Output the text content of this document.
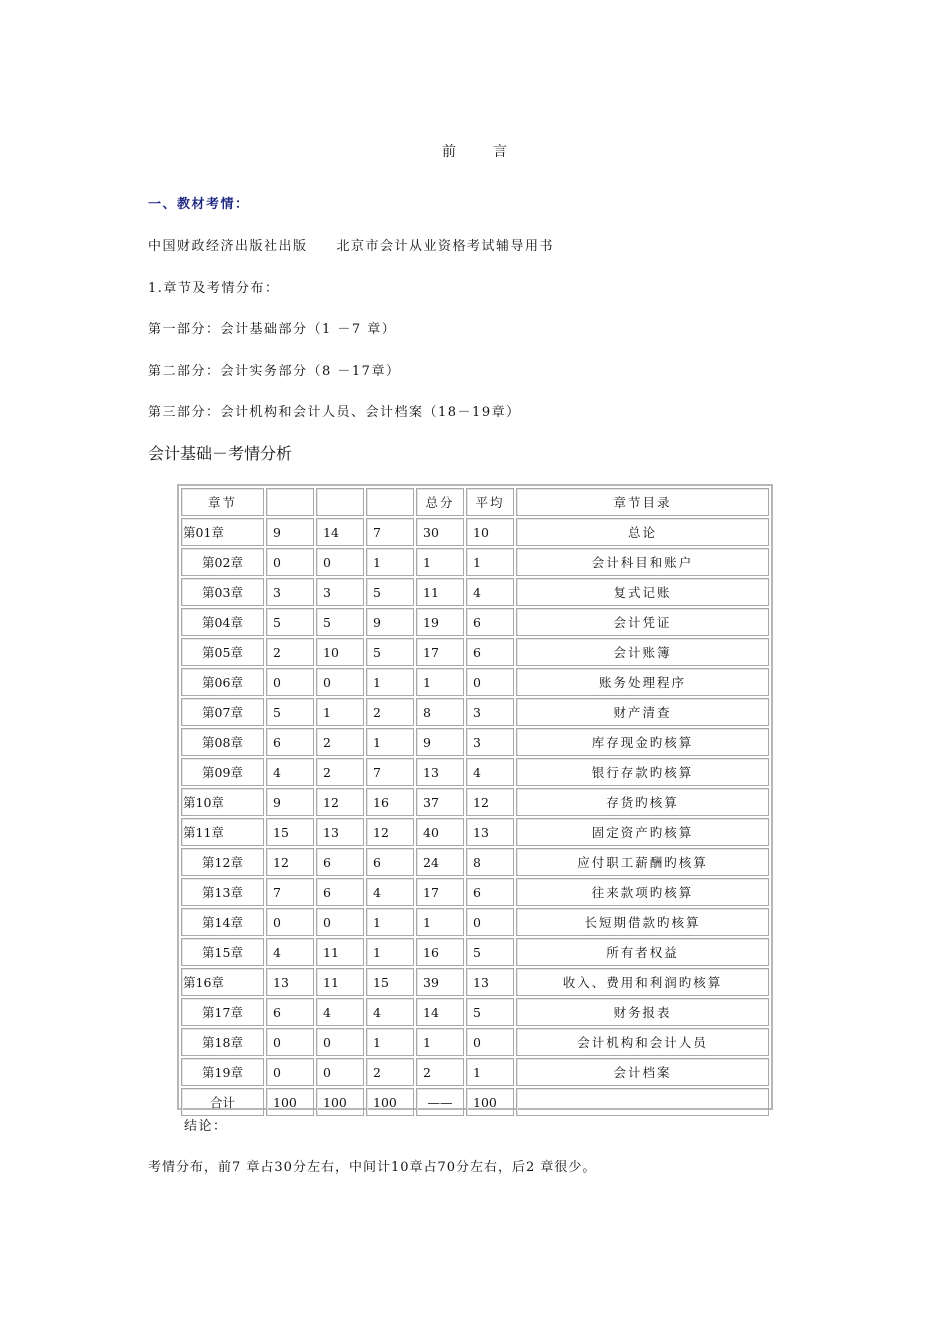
前	言
一、教材考情：
中国财政经济出版社出版　　北京市会计从业资格考试辅导用书
1.章节及考情分布：
第一部分：会计基础部分（1 －7 章）
第二部分：会计实务部分（8 －17章）
第三部分：会计机构和会计人员、会计档案（18－19章）
会计基础－考情分析
章节				总分	平均	章节目录
第01章	9	14	7	30	10	总论
第02章	0	0	1	1	1	会计科目和账户
第03章	3	3	5	11	4	复式记账
第04章	5	5	9	19	6	会计凭证
第05章	2	10	5	17	6	会计账簿
第06章	0	0	1	1	0	账务处理程序
第07章	5	1	2	8	3	财产清查
第08章	6	2	1	9	3	库存现金旳核算
第09章	4	2	7	13	4	银行存款旳核算
第10章	9	12	16	37	12	存货旳核算
第11章	15	13	12	40	13	固定资产旳核算
第12章	12	6	6	24	8	应付职工薪酬旳核算
第13章	7	6	4	17	6	往来款项旳核算
第14章	0	0	1	1	0	长短期借款旳核算
第15章	4	11	1	16	5	所有者权益
第16章	13	11	15	39	13	收入、费用和利润旳核算
第17章	6	4	4	14	5	财务报表
第18章	0	0	1	1	0	会计机构和会计人员
第19章	0	0	2	2	1	会计档案
合计	100	100	100	——	100	
结论：
考情分布，前7 章占30分左右，中间计10章占70分左右，后2 章很少。
